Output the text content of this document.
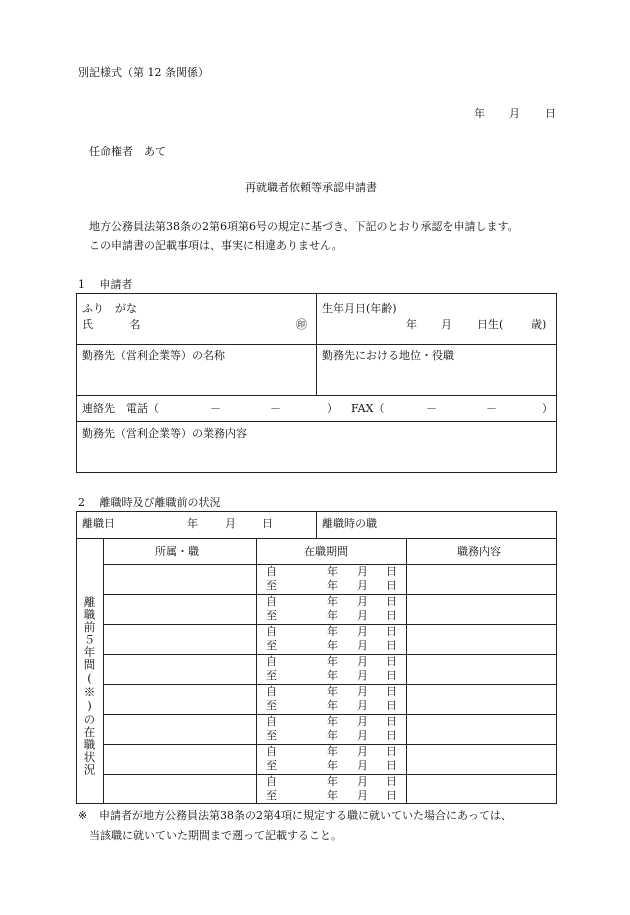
別記様式（第 12 条関係）
年 月 日
任命権者　あて
再就職者依頼等承認申請書
地方公務員法第38条の2第6項第6号の規定に基づき、下記のとおり承認を申請します。
この申請書の記載事項は、事実に相違ありません。
1　 申請者
ふり　がな
氏　　　 名	㊞
生年月日(年齢)
年 月 日生(	歳)
勤務先（営利企業等）の名称	勤務先における地位・役職
連絡先　電話（	－	－	） FAX（	－	－	）
勤務先（営利企業等）の業務内容
2　 離職時及び離職前の状況
離職日	年 月 日	離職時の職
離職前５年間(※)の在職状況
所属・職	在職期間	職務内容
自	年 月 日
至	年 月 日
自	年 月 日
至	年 月 日
自	年 月 日
至	年 月 日
自	年 月 日
至	年 月 日
自	年 月 日
至	年 月 日
自	年 月 日
至	年 月 日
自	年 月 日
至	年 月 日
自	年 月 日
至	年 月 日
※ 申請者が地方公務員法第38条の2第4項に規定する職に就いていた場合にあっては、
当該職に就いていた期間まで遡って記載すること。
